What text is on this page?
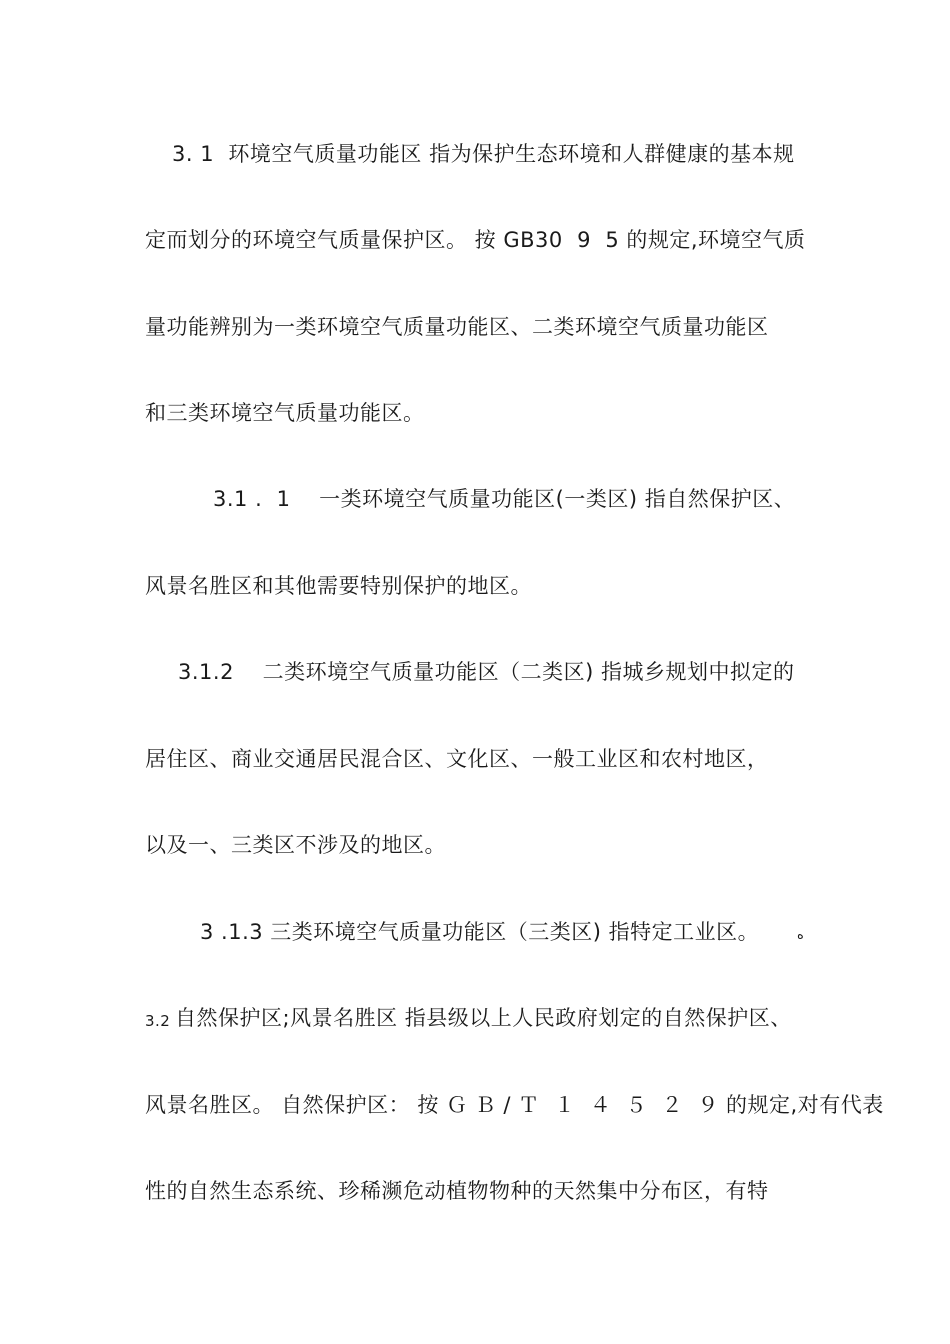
3. 1  环境空气质量功能区 指为保护生态环境和人群健康的基本规
定而划分的环境空气质量保护区。 按 GB30  9  5 的规定,环境空气质
量功能辨别为一类环境空气质量功能区、二类环境空气质量功能区
和三类环境空气质量功能区。
3.1 .  1    一类环境空气质量功能区(一类区) 指自然保护区、
风景名胜区和其他需要特别保护的地区。
3.1.2    二类环境空气质量功能区（二类区) 指城乡规划中拟定的
居住区、商业交通居民混合区、文化区、一般工业区和农村地区，
以及一、三类区不涉及的地区。
3 .1.3 三类环境空气质量功能区（三类区) 指特定工业区。	ه
3.2 自然保护区;风景名胜区 指县级以上人民政府划定的自然保护区、
风景名胜区。 自然保护区： 按 Ｇ Ｂ / Ｔ  １  ４  ５  ２  ９ 的规定,对有代表
性的自然生态系统、珍稀濒危动植物物种的天然集中分布区，有特
